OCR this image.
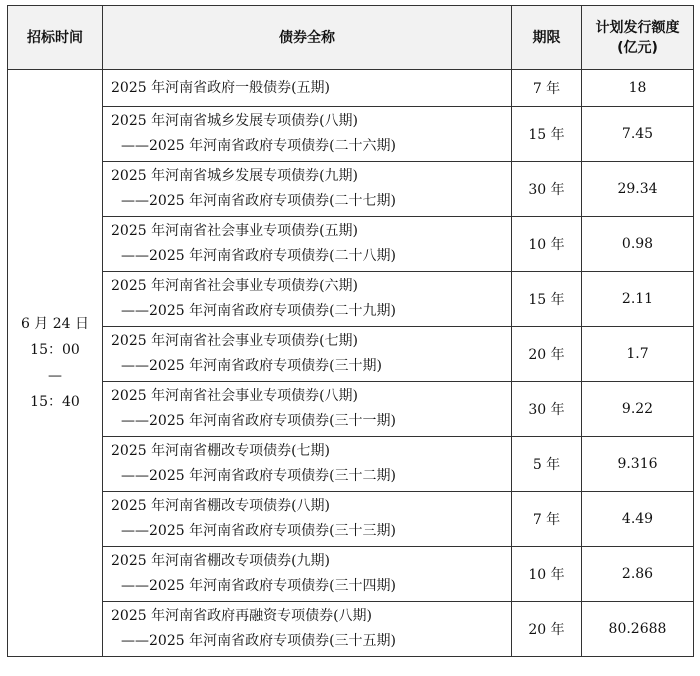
招标时间	债券全称	期限	计划发行额度
(亿元)
6 月 24 日
15：00
—
15：40	2025 年河南省政府一般债券(五期)	7 年	18

	2025 年河南省城乡发展专项债券(八期)
——2025 年河南省政府专项债券(二十六期)	15 年	7.45

	2025 年河南省城乡发展专项债券(九期)
——2025 年河南省政府专项债券(二十七期)	30 年	29.34

	2025 年河南省社会事业专项债券(五期)
——2025 年河南省政府专项债券(二十八期)	10 年	0.98

	2025 年河南省社会事业专项债券(六期)
——2025 年河南省政府专项债券(二十九期)	15 年	2.11

	2025 年河南省社会事业专项债券(七期)
——2025 年河南省政府专项债券(三十期)	20 年	1.7

	2025 年河南省社会事业专项债券(八期)
——2025 年河南省政府专项债券(三十一期)	30 年	9.22

	2025 年河南省棚改专项债券(七期)
——2025 年河南省政府专项债券(三十二期)	5 年	9.316

	2025 年河南省棚改专项债券(八期)
——2025 年河南省政府专项债券(三十三期)	7 年	4.49

	2025 年河南省棚改专项债券(九期)
——2025 年河南省政府专项债券(三十四期)	10 年	2.86

	2025 年河南省政府再融资专项债券(八期)
——2025 年河南省政府专项债券(三十五期)	20 年	80.2688
